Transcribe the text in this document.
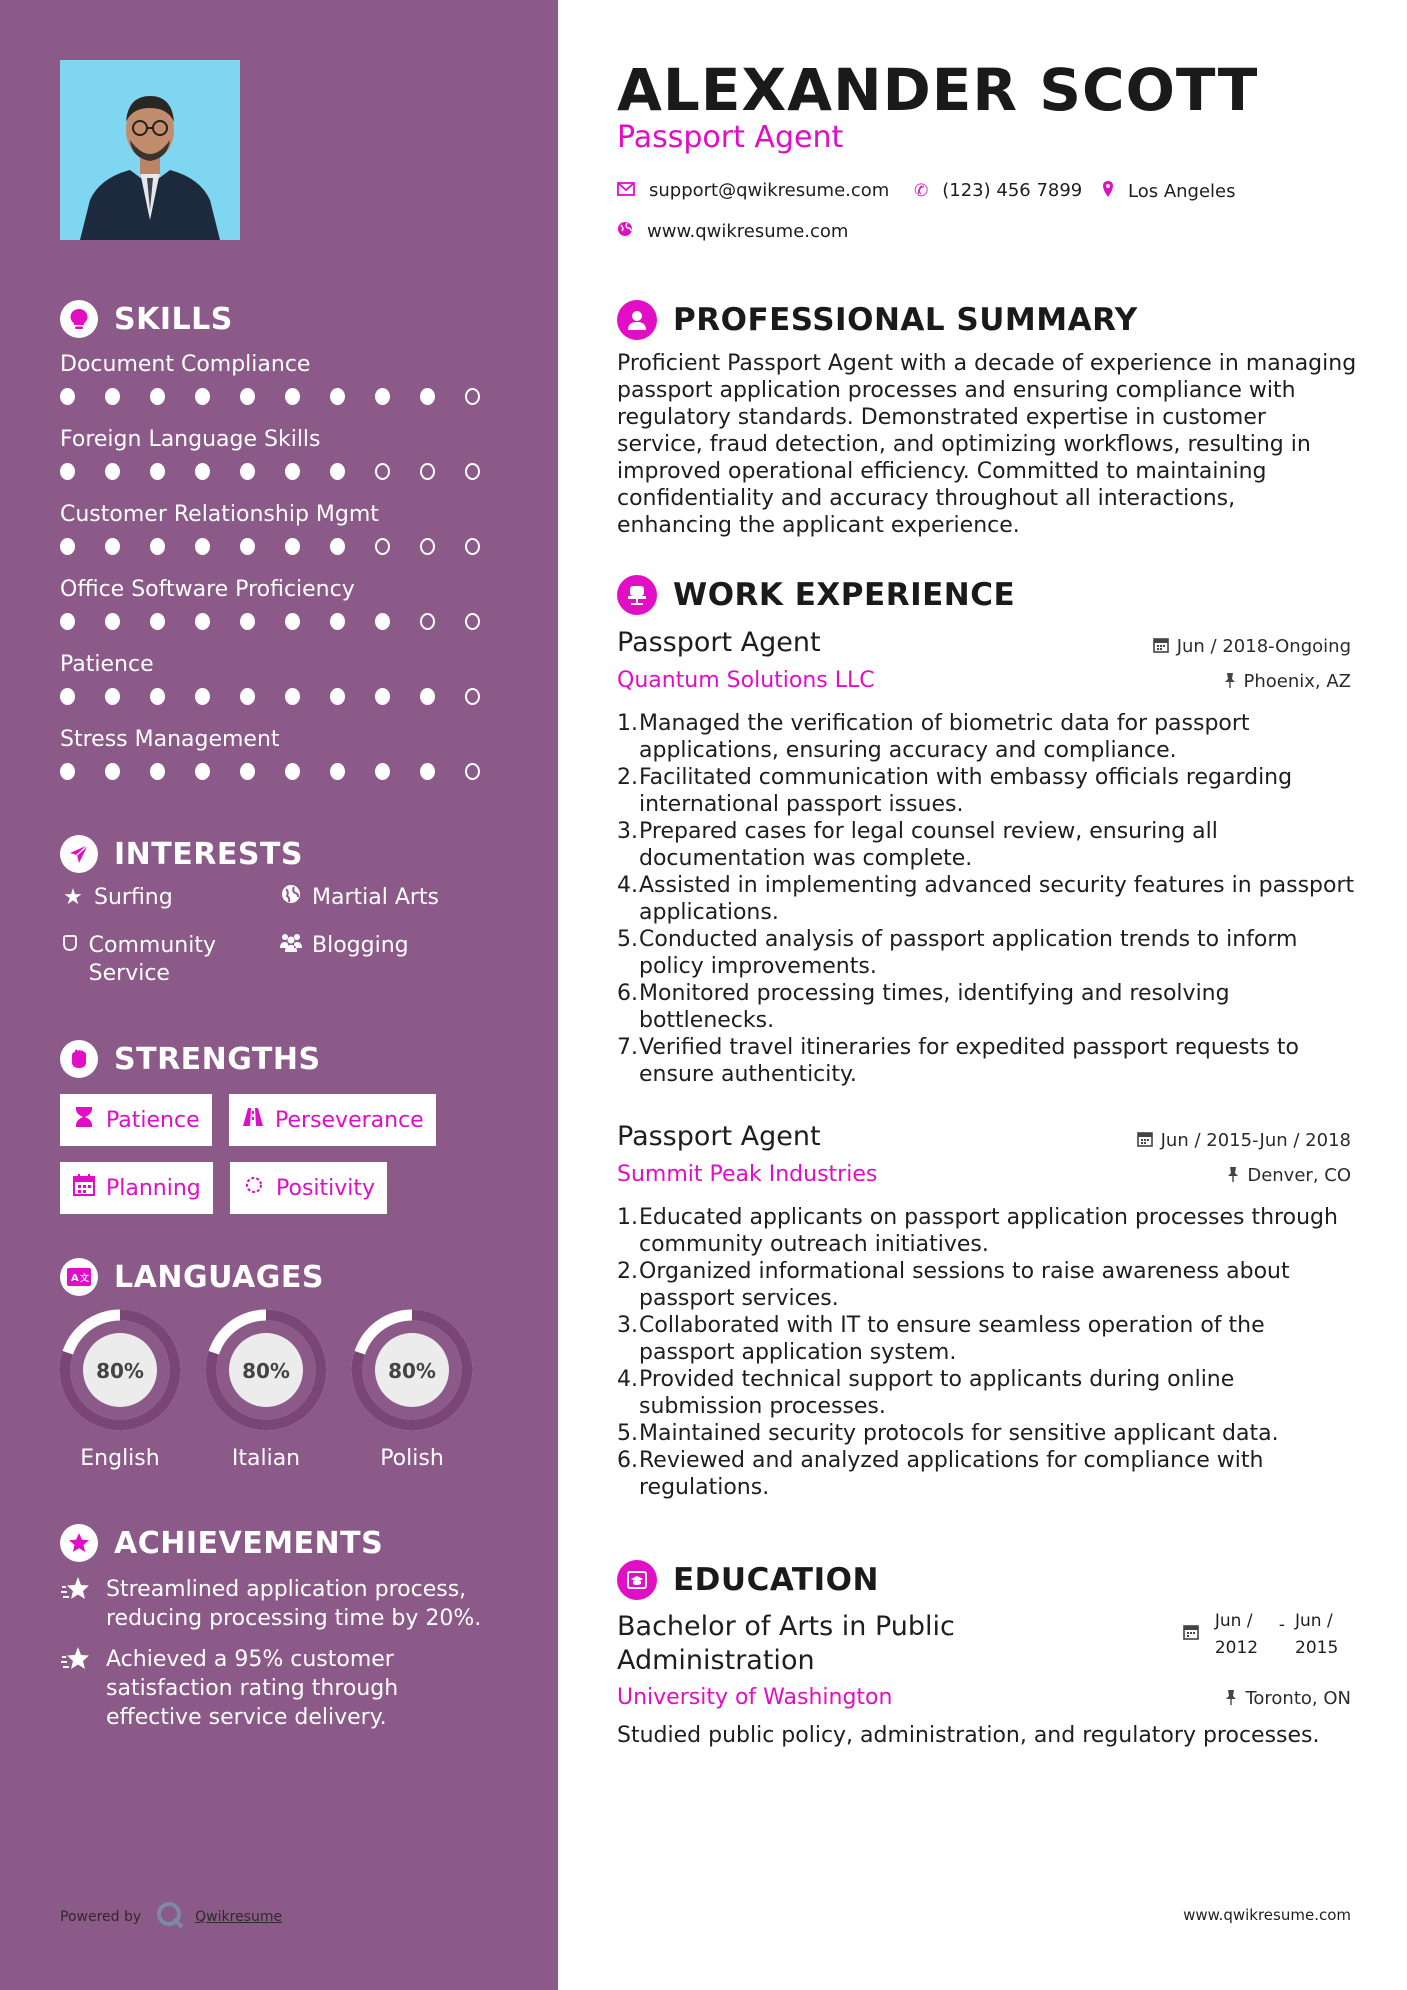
SKILLS
Document Compliance
Foreign Language Skills
Customer Relationship Mgmt
Office Software Proficiency
Patience
Stress Management
INTERESTS
★ Surfing	Martial Arts
Community Service
Blogging
STRENGTHS
Patience	Perseverance
Planning	Positivity
A 文 LANGUAGES
80%
English
80%
Italian
80%
Polish
ACHIEVEMENTS
Streamlined application process, reducing processing time by 20%.
Achieved a 95% customer satisfaction rating through effective service delivery.
Powered by	Qwikresume
ALEXANDER SCOTT
Passport Agent
support@qwikresume.com ✆ (123) 456 7899	Los Angeles
www.qwikresume.com
PROFESSIONAL SUMMARY
Proficient Passport Agent with a decade of experience in managing passport application processes and ensuring compliance with regulatory standards. Demonstrated expertise in customer service, fraud detection, and optimizing workflows, resulting in improved operational efficiency. Committed to maintaining confidentiality and accuracy throughout all interactions, enhancing the applicant experience.
WORK EXPERIENCE
Passport Agent
Quantum Solutions LLC
Jun / 2018-Ongoing
Phoenix, AZ
1. Managed the verification of biometric data for passport applications, ensuring accuracy and compliance.
2. Facilitated communication with embassy officials regarding international passport issues.
3. Prepared cases for legal counsel review, ensuring all documentation was complete.
4. Assisted in implementing advanced security features in passport applications.
5. Conducted analysis of passport application trends to inform policy improvements.
6. Monitored processing times, identifying and resolving bottlenecks.
7. Verified travel itineraries for expedited passport requests to ensure authenticity.
Passport Agent
Summit Peak Industries
Jun / 2015-Jun / 2018
Denver, CO
1. Educated applicants on passport application processes through community outreach initiatives.
2. Organized informational sessions to raise awareness about passport services.
3. Collaborated with IT to ensure seamless operation of the passport application system.
4. Provided technical support to applicants during online submission processes.
5. Maintained security protocols for sensitive applicant data.
6. Reviewed and analyzed applications for compliance with regulations.
EDUCATION
Bachelor of Arts in Public Administration
Jun / 2012
- Jun / 2015
University of Washington	Toronto, ON
Studied public policy, administration, and regulatory processes.
www.qwikresume.com
